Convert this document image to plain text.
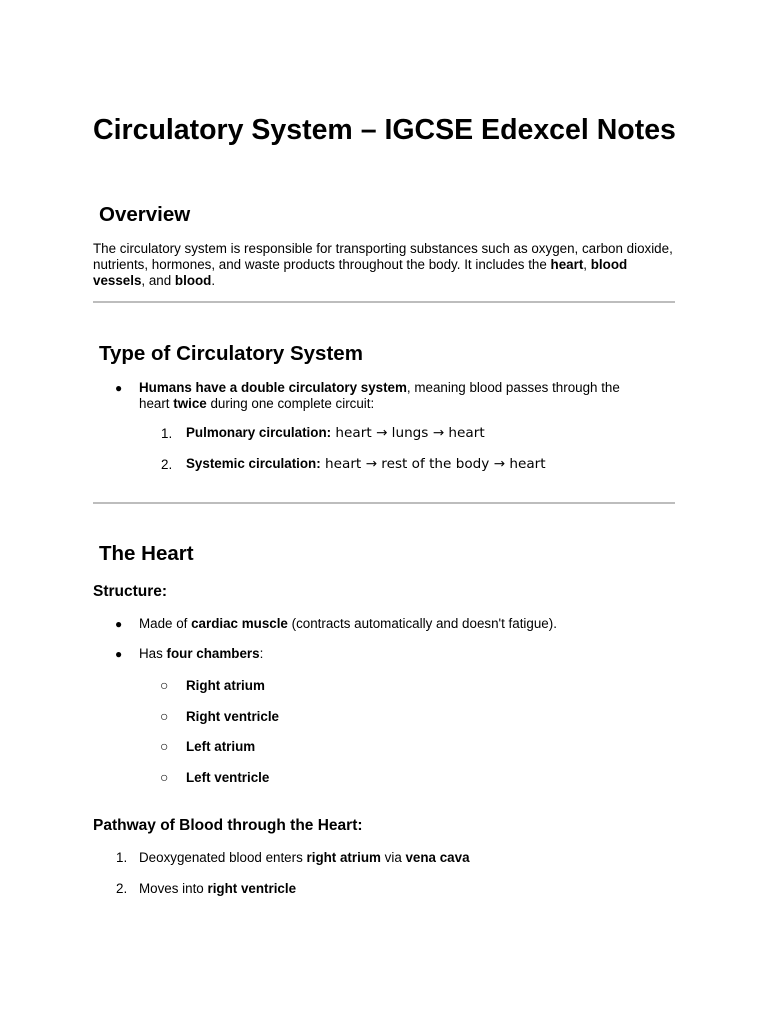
Circulatory System – IGCSE Edexcel Notes
Overview
The circulatory system is responsible for transporting substances such as oxygen, carbon dioxide, nutrients, hormones, and waste products throughout the body. It includes the heart, blood vessels, and blood.
Type of Circulatory System
● Humans have a double circulatory system, meaning blood passes through the
heart twice during one complete circuit:
1. Pulmonary circulation: heart → lungs → heart
2. Systemic circulation: heart → rest of the body → heart
The Heart
Structure:
● Made of cardiac muscle (contracts automatically and doesn't fatigue).
● Has four chambers:
○ Right atrium
○ Right ventricle
○ Left atrium
○ Left ventricle
Pathway of Blood through the Heart:
1. Deoxygenated blood enters right atrium via vena cava
2. Moves into right ventricle
